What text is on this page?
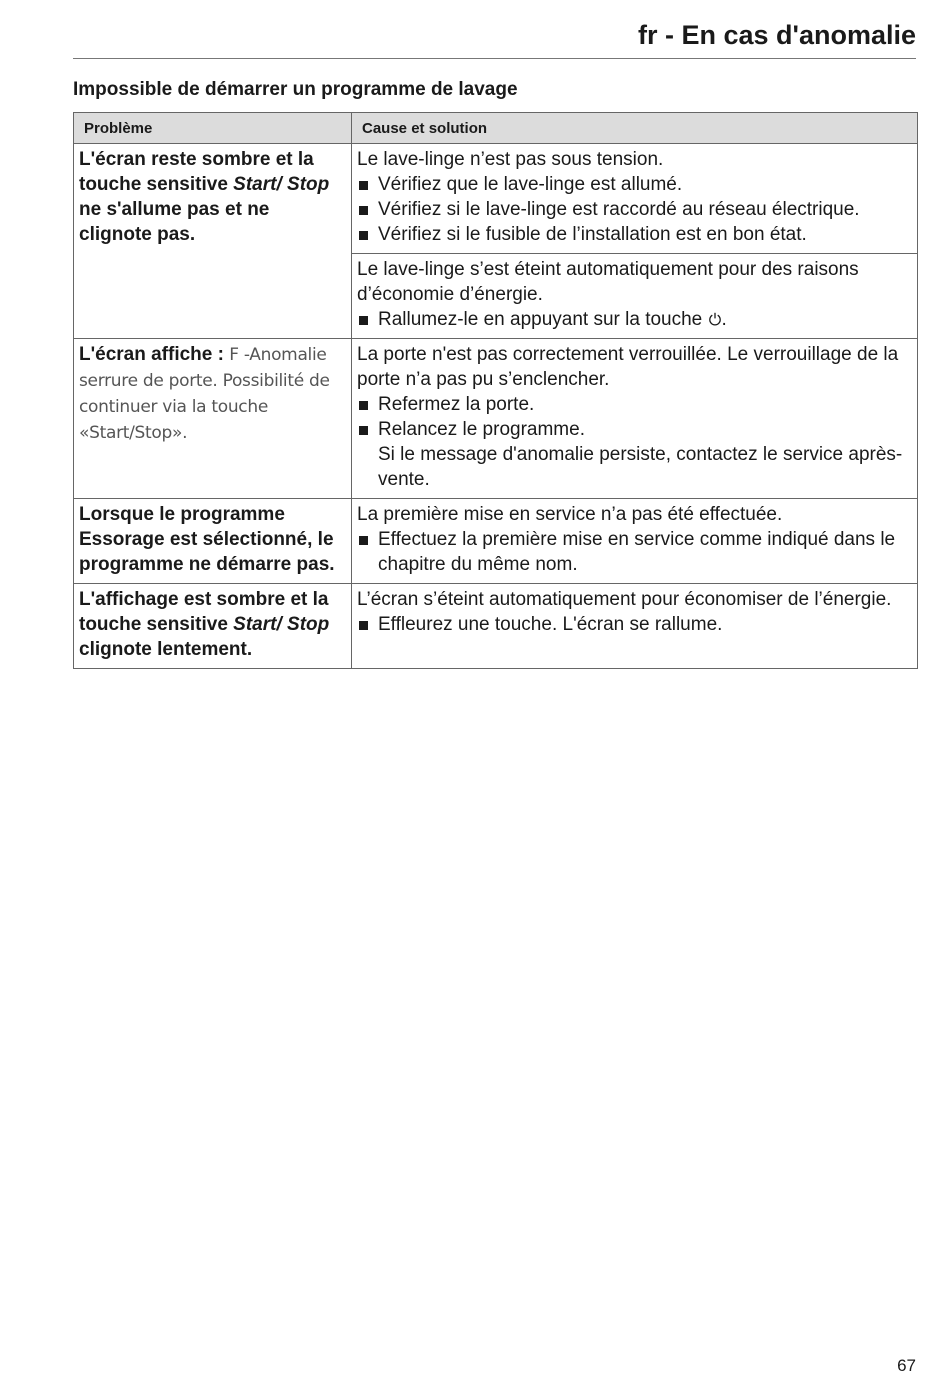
fr - En cas d'anomalie
Impossible de démarrer un programme de lavage
Problème	Cause et solution
L'écran reste sombre et la touche sensitive Start/ Stop ne s'allume pas et ne clignote pas.	Le lave-linge n’est pas sous tension.
Vérifiez que le lave-linge est allumé.
Vérifiez si le lave-linge est raccordé au réseau électrique.
Vérifiez si le fusible de l’installation est en bon état.

	Le lave-linge s’est éteint automatiquement pour des raisons d’économie d’énergie.
Rallumez-le en appuyant sur la touche .

L'écran affiche : F -Anomalie serrure de porte. Possibilité de continuer via la touche «Start/Stop».	La porte n'est pas correctement verrouillée. Le verrouillage de la porte n’a pas pu s’enclencher.
Refermez la porte.
Relancez le programme.
Si le message d'anomalie persiste, contactez le service après-vente.

Lorsque le programme Essorage est sélectionné, le programme ne démarre pas.	La première mise en service n’a pas été effectuée.
Effectuez la première mise en service comme indiqué dans le chapitre du même nom.

L'affichage est sombre et la touche sensitive Start/ Stop clignote lentement.	L’écran s’éteint automatiquement pour économiser de l’énergie.
Effleurez une touche. L'écran se rallume.
67
